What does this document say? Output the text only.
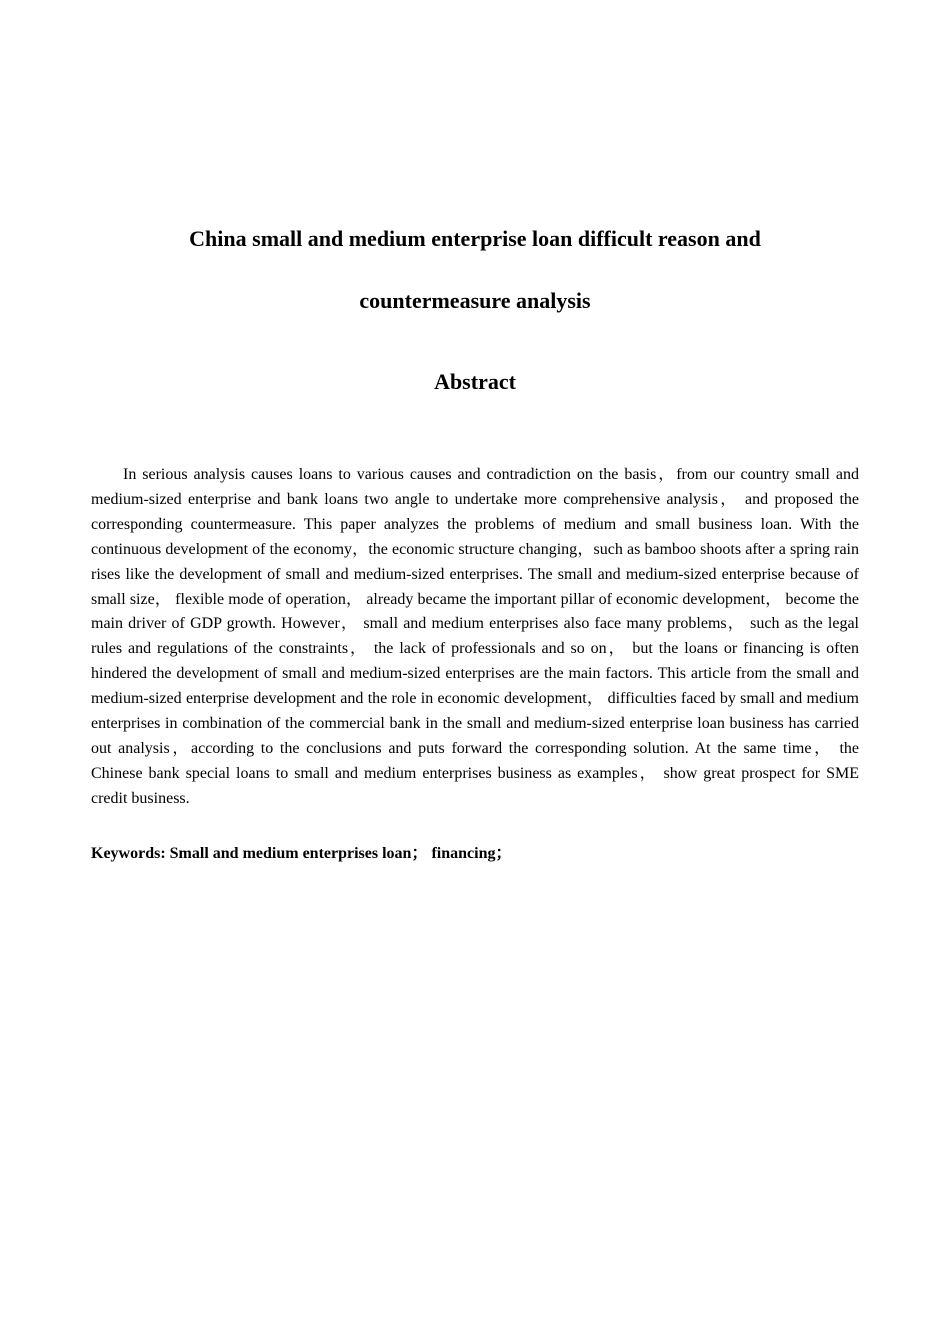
China small and medium enterprise loan difficult reason and
countermeasure analysis
Abstract

In serious analysis causes loans to various causes and contradiction on the basis，from our country small and medium-sized enterprise and bank loans two angle to undertake more comprehensive analysis， and proposed the corresponding countermeasure. This paper analyzes the problems of medium and small business loan. With the continuous development of the economy，the economic structure changing，such as bamboo shoots after a spring rain rises like the development of small and medium-sized enterprises. The small and medium-sized enterprise because of small size， flexible mode of operation， already became the important pillar of economic development， become the main driver of GDP growth. However， small and medium enterprises also face many problems， such as the legal rules and regulations of the constraints， the lack of professionals and so on， but the loans or financing is often hindered the development of small and medium-sized enterprises are the main factors. This article from the small and medium-sized enterprise development and the role in economic development， difficulties faced by small and medium enterprises in combination of the commercial bank in the small and medium-sized enterprise loan business has carried out analysis，according to the conclusions and puts forward the corresponding solution. At the same time， the Chinese bank special loans to small and medium enterprises business as examples， show great prospect for SME credit business.

Keywords: Small and medium enterprises loan； financing；
